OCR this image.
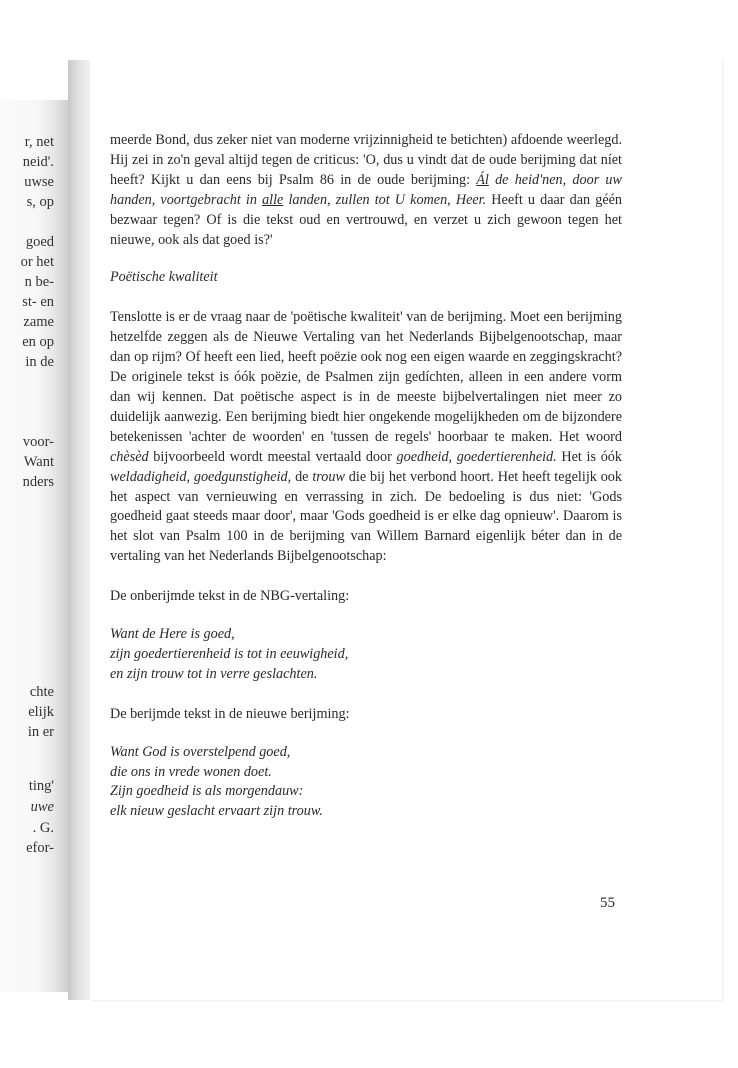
r, net
neid'.
uwse
s, op
goed
or het
n be-
st- en
zame
en op
in de
voor-
Want
nders
chte
elijk
in er
ting'
uwe
. G.
efor-

meerde Bond, dus zeker niet van moderne vrijzinnigheid te betichten) afdoende weerlegd. Hij zei in zo'n geval altijd tegen de criticus: 'O, dus u vindt dat de oude berijming dat níet heeft? Kijkt u dan eens bij Psalm 86 in de oude berijming: Ál de heid'nen, door uw handen, voortgebracht in alle landen, zullen tot U komen, Heer. Heeft u daar dan géén bezwaar tegen? Of is die tekst oud en vertrouwd, en verzet u zich gewoon tegen het nieuwe, ook als dat goed is?'

Poëtische kwaliteit

Tenslotte is er de vraag naar de 'poëtische kwaliteit' van de berijming. Moet een berijming hetzelfde zeggen als de Nieuwe Vertaling van het Nederlands Bijbelgenootschap, maar dan op rijm? Of heeft een lied, heeft poëzie ook nog een eigen waarde en zeggingskracht? De originele tekst is óók poëzie, de Psalmen zijn gedíchten, alleen in een andere vorm dan wij kennen. Dat poëtische aspect is in de meeste bijbelvertalingen niet meer zo duidelijk aanwezig. Een berijming biedt hier ongekende mogelijkheden om de bijzondere betekenissen 'achter de woorden' en 'tussen de regels' hoorbaar te maken. Het woord chèsèd bijvoorbeeld wordt meestal vertaald door goedheid, goedertierenheid. Het is óók weldadigheid, goedgunstigheid, de trouw die bij het verbond hoort. Het heeft tegelijk ook het aspect van vernieuwing en verrassing in zich. De bedoeling is dus niet: 'Gods goedheid gaat steeds maar door', maar 'Gods goedheid is er elke dag opnieuw'. Daarom is het slot van Psalm 100 in de berijming van Willem Barnard eigenlijk béter dan in de vertaling van het Nederlands Bijbelgenootschap:

De onberijmde tekst in de NBG-vertaling:

Want de Here is goed,
zijn goedertierenheid is tot in eeuwigheid,
en zijn trouw tot in verre geslachten.

De berijmde tekst in de nieuwe berijming:

Want God is overstelpend goed,
die ons in vrede wonen doet.
Zijn goedheid is als morgendauw:
elk nieuw geslacht ervaart zijn trouw.

55
